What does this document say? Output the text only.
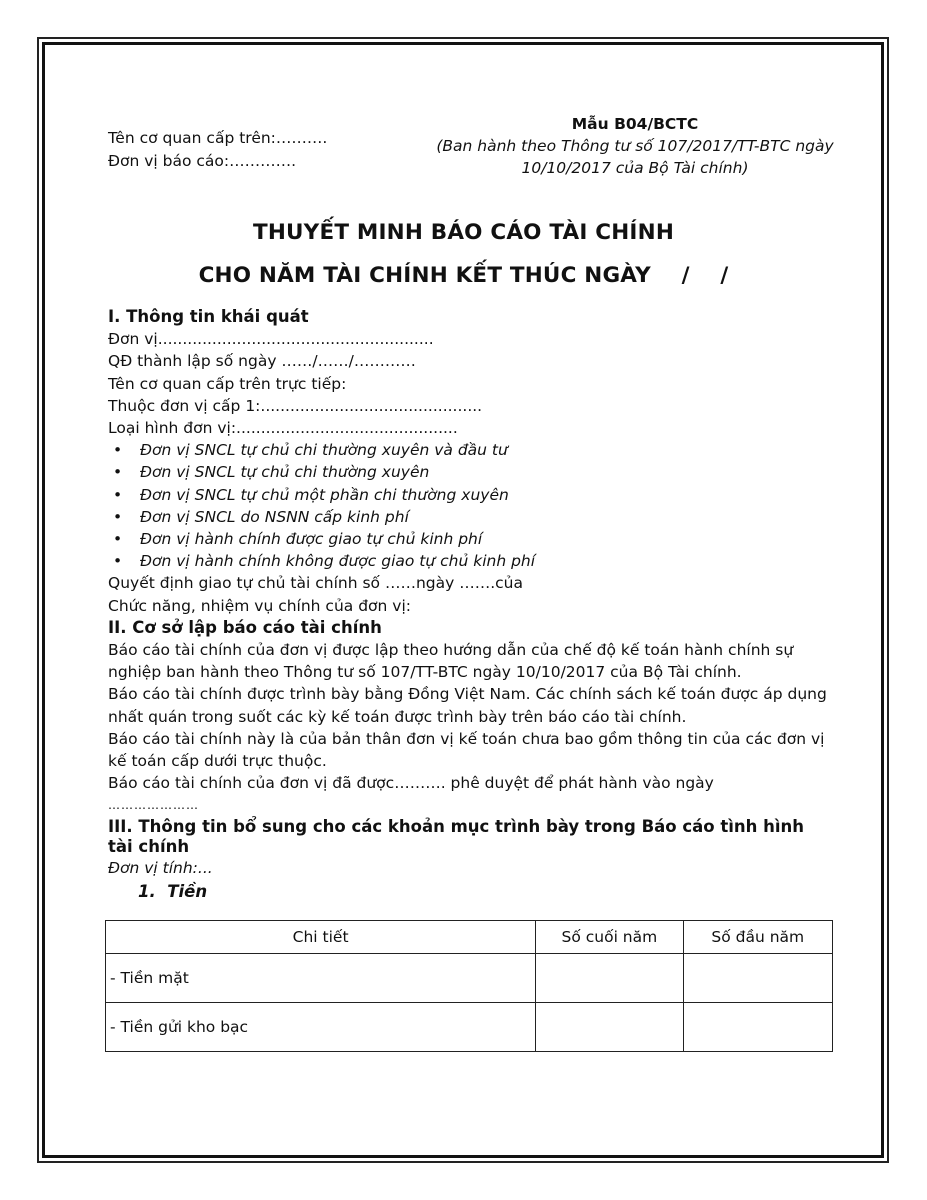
Tên cơ quan cấp trên:……….
Đơn vị báo cáo:………….
Mẫu B04/BCTC
(Ban hành theo Thông tư số 107/2017/TT-BTC ngày
10/10/2017 của Bộ Tài chính)
THUYẾT MINH BÁO CÁO TÀI CHÍNH
CHO NĂM TÀI CHÍNH KẾT THÚC NGÀY    /    /

I. Thông tin khái quát

Đơn vị........................................................

QĐ thành lập số ngày ……/……/…………

Tên cơ quan cấp trên trực tiếp:

Thuộc đơn vị cấp 1:.............................................

Loại hình đơn vị:.............................................

• Đơn vị SNCL tự chủ chi thường xuyên và đầu tư
• Đơn vị SNCL tự chủ chi thường xuyên
• Đơn vị SNCL tự chủ một phần chi thường xuyên
• Đơn vị SNCL do NSNN cấp kinh phí
• Đơn vị hành chính được giao tự chủ kinh phí
• Đơn vị hành chính không được giao tự chủ kinh phí

Quyết định giao tự chủ tài chính số ……ngày …….của

Chức năng, nhiệm vụ chính của đơn vị:

II. Cơ sở lập báo cáo tài chính

Báo cáo tài chính của đơn vị được lập theo hướng dẫn của chế độ kế toán hành chính sự nghiệp ban hành theo Thông tư số 107/TT-BTC ngày 10/10/2017 của Bộ Tài chính.

Báo cáo tài chính được trình bày bằng Đồng Việt Nam. Các chính sách kế toán được áp dụng nhất quán trong suốt các kỳ kế toán được trình bày trên báo cáo tài chính.

Báo cáo tài chính này là của bản thân đơn vị kế toán chưa bao gồm thông tin của các đơn vị kế toán cấp dưới trực thuộc.

Báo cáo tài chính của đơn vị đã được………. phê duyệt để phát hành vào ngày

…………………

III. Thông tin bổ sung cho các khoản mục trình bày trong Báo cáo tình hình tài chính

Đơn vị tính:...

1.  Tiền

Chi tiết	Số cuối năm	Số đầu năm
- Tiền mặt		
- Tiền gửi kho bạc		
